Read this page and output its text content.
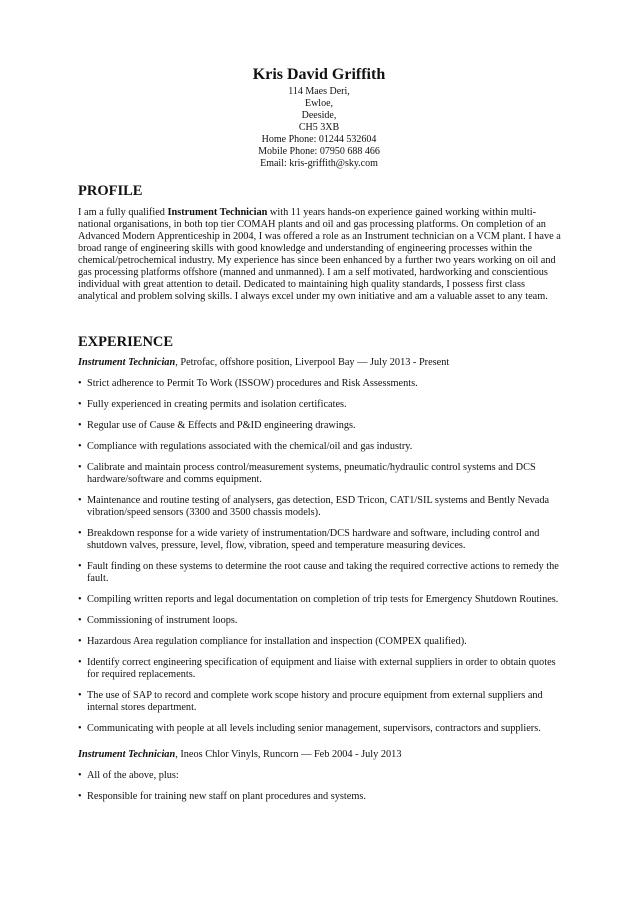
Kris David Griffith
114 Maes Deri,
Ewloe,
Deeside,
CH5 3XB
Home Phone: 01244 532604
Mobile Phone: 07950 688 466
Email: kris-griffith@sky.com
PROFILE
I am a fully qualified Instrument Technician with 11 years hands-on experience gained working within multi-national organisations, in both top tier COMAH plants and oil and gas processing platforms. On completion of an Advanced Modern Apprenticeship in 2004, I was offered a role as an Instrument technician on a VCM plant. I have a broad range of engineering skills with good knowledge and understanding of engineering processes within the chemical/petrochemical industry. My experience has since been enhanced by a further two years working on oil and gas processing platforms offshore (manned and unmanned). I am a self motivated, hardworking and conscientious individual with great attention to detail. Dedicated to maintaining high quality standards, I possess first class analytical and problem solving skills. I always excel under my own initiative and am a valuable asset to any team.
EXPERIENCE
Instrument Technician, Petrofac, offshore position, Liverpool Bay — July 2013 - Present
• Strict adherence to Permit To Work (ISSOW) procedures and Risk Assessments.
• Fully experienced in creating permits and isolation certificates.
• Regular use of Cause & Effects and P&ID engineering drawings.
• Compliance with regulations associated with the chemical/oil and gas industry.
• Calibrate and maintain process control/measurement systems, pneumatic/hydraulic control systems and DCS hardware/software and comms equipment.
• Maintenance and routine testing of analysers, gas detection, ESD Tricon, CAT1/SIL systems and Bently Nevada vibration/speed sensors (3300 and 3500 chassis models).
• Breakdown response for a wide variety of instrumentation/DCS hardware and software, including control and shutdown valves, pressure, level, flow, vibration, speed and temperature measuring devices.
• Fault finding on these systems to determine the root cause and taking the required corrective actions to remedy the fault.
• Compiling written reports and legal documentation on completion of trip tests for Emergency Shutdown Routines.
• Commissioning of instrument loops.
• Hazardous Area regulation compliance for installation and inspection (COMPEX qualified).
• Identify correct engineering specification of equipment and liaise with external suppliers in order to obtain quotes for required replacements.
• The use of SAP to record and complete work scope history and procure equipment from external suppliers and internal stores department.
• Communicating with people at all levels including senior management, supervisors, contractors and suppliers.
Instrument Technician, Ineos Chlor Vinyls, Runcorn — Feb 2004 - July 2013
• All of the above, plus:
• Responsible for training new staff on plant procedures and systems.
